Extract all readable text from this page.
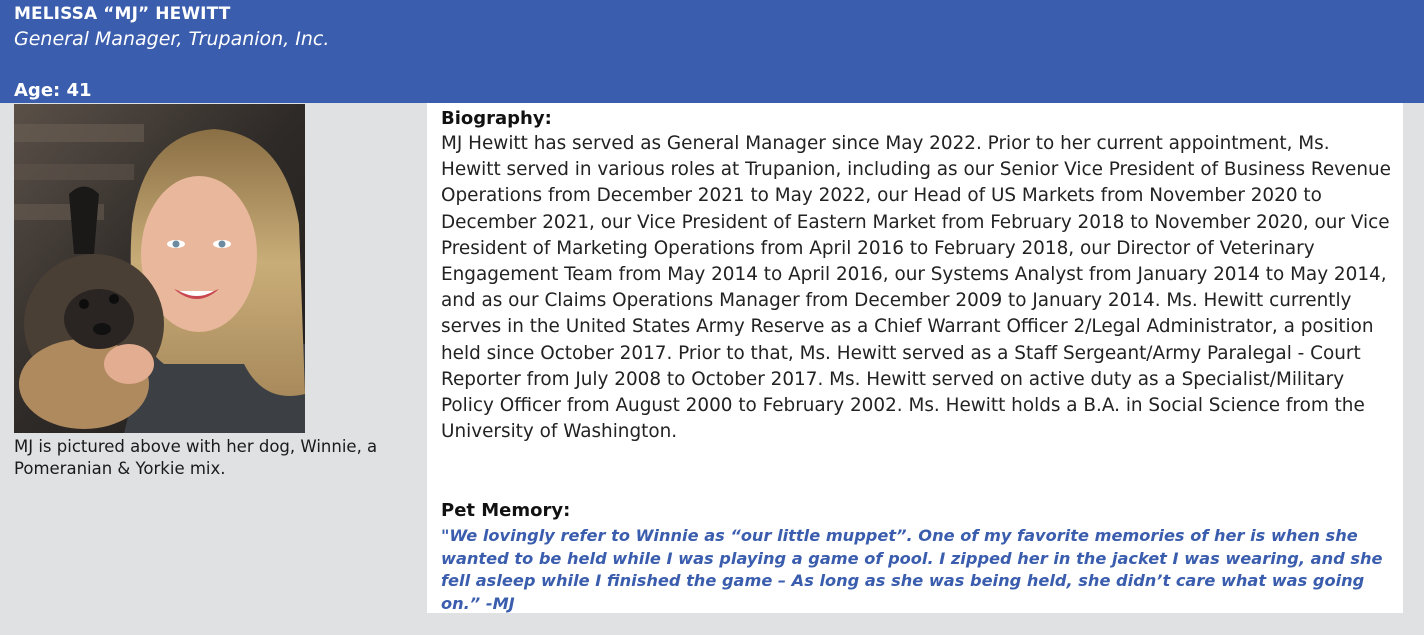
MELISSA “MJ” HEWITT
General Manager, Trupanion, Inc.
Age: 41
MJ is pictured above with her dog, Winnie, a Pomeranian & Yorkie mix.
Biography:
MJ Hewitt has served as General Manager since May 2022. Prior to her current appointment, Ms. Hewitt served in various roles at Trupanion, including as our Senior Vice President of Business Revenue Operations from December 2021 to May 2022, our Head of US Markets from November 2020 to December 2021, our Vice President of Eastern Market from February 2018 to November 2020, our Vice President of Marketing Operations from April 2016 to February 2018, our Director of Veterinary Engagement Team from May 2014 to April 2016, our Systems Analyst from January 2014 to May 2014, and as our Claims Operations Manager from December 2009 to January 2014. Ms. Hewitt currently serves in the United States Army Reserve as a Chief Warrant Officer 2/Legal Administrator, a position held since October 2017. Prior to that, Ms. Hewitt served as a Staff Sergeant/Army Paralegal - Court Reporter from July 2008 to October 2017. Ms. Hewitt served on active duty as a Specialist/Military Policy Officer from August 2000 to February 2002. Ms. Hewitt holds a B.A. in Social Science from the University of Washington.
Pet Memory:
"We lovingly refer to Winnie as “our little muppet”. One of my favorite memories of her is when she wanted to be held while I was playing a game of pool. I zipped her in the jacket I was wearing, and she fell asleep while I finished the game – As long as she was being held, she didn’t care what was going on.” -MJ
